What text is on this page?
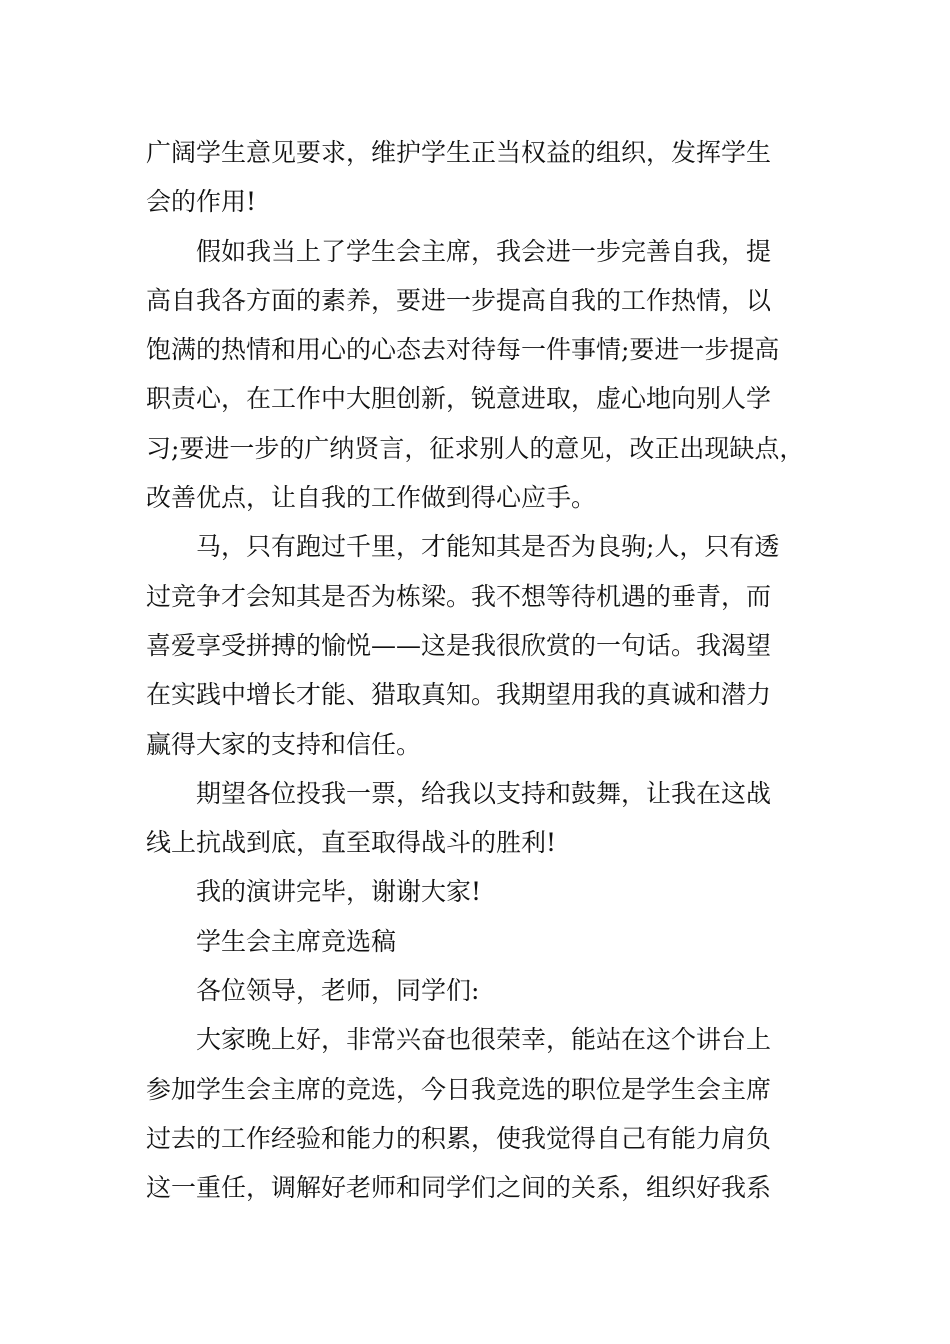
广阔学生意见要求，维护学生正当权益的组织，发挥学生
会的作用!
假如我当上了学生会主席，我会进一步完善自我，提
高自我各方面的素养，要进一步提高自我的工作热情，以
饱满的热情和用心的心态去对待每一件事情;要进一步提高
职责心，在工作中大胆创新，锐意进取，虚心地向别人学
习;要进一步的广纳贤言，征求别人的意见，改正出现缺点，
改善优点，让自我的工作做到得心应手。
马，只有跑过千里，才能知其是否为良驹;人，只有透
过竞争才会知其是否为栋梁。我不想等待机遇的垂青，而
喜爱享受拼搏的愉悦——这是我很欣赏的一句话。我渴望
在实践中增长才能、猎取真知。我期望用我的真诚和潜力
赢得大家的支持和信任。
期望各位投我一票，给我以支持和鼓舞，让我在这战
线上抗战到底，直至取得战斗的胜利!
我的演讲完毕，谢谢大家!
学生会主席竞选稿
各位领导，老师，同学们:
大家晚上好，非常兴奋也很荣幸，能站在这个讲台上
参加学生会主席的竞选，今日我竞选的职位是学生会主席
过去的工作经验和能力的积累，使我觉得自己有能力肩负
这一重任，调解好老师和同学们之间的关系，组织好我系
